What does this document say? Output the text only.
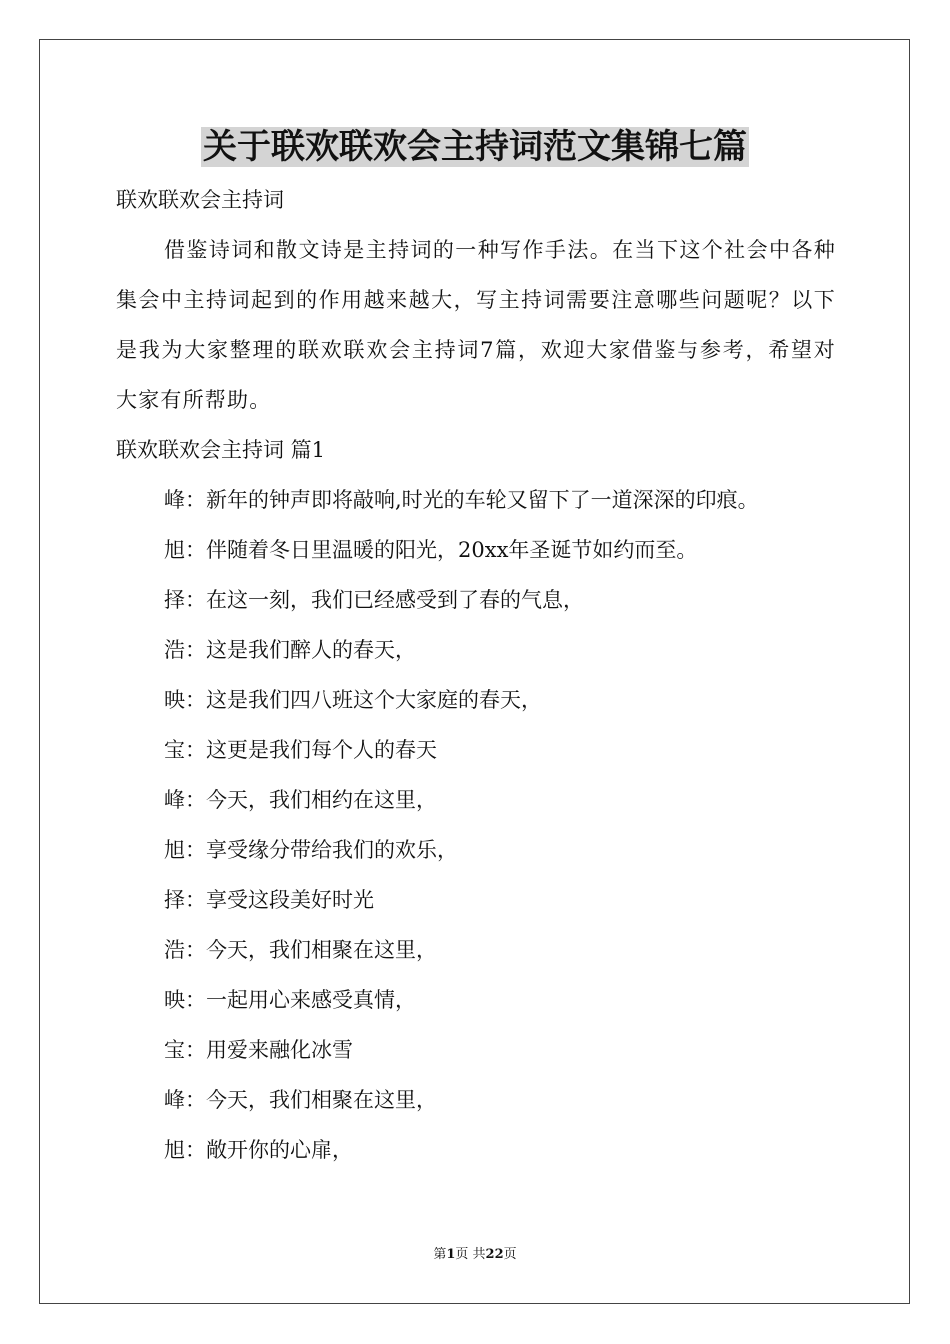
关于联欢联欢会主持词范文集锦七篇

联欢联欢会主持词

借鉴诗词和散文诗是主持词的一种写作手法。在当下这个社会中各种集会中主持词起到的作用越来越大，写主持词需要注意哪些问题呢？以下是我为大家整理的联欢联欢会主持词7篇，欢迎大家借鉴与参考，希望对大家有所帮助。

联欢联欢会主持词 篇1

峰：新年的钟声即将敲响,时光的车轮又留下了一道深深的印痕。

旭：伴随着冬日里温暖的阳光，20xx年圣诞节如约而至。

择：在这一刻，我们已经感受到了春的气息，

浩：这是我们醉人的春天，

映：这是我们四八班这个大家庭的春天，

宝：这更是我们每个人的春天

峰：今天，我们相约在这里，

旭：享受缘分带给我们的欢乐，

择：享受这段美好时光

浩：今天，我们相聚在这里，

映：一起用心来感受真情，

宝：用爱来融化冰雪

峰：今天，我们相聚在这里，

旭：敞开你的心扉，

第1页 共22页
